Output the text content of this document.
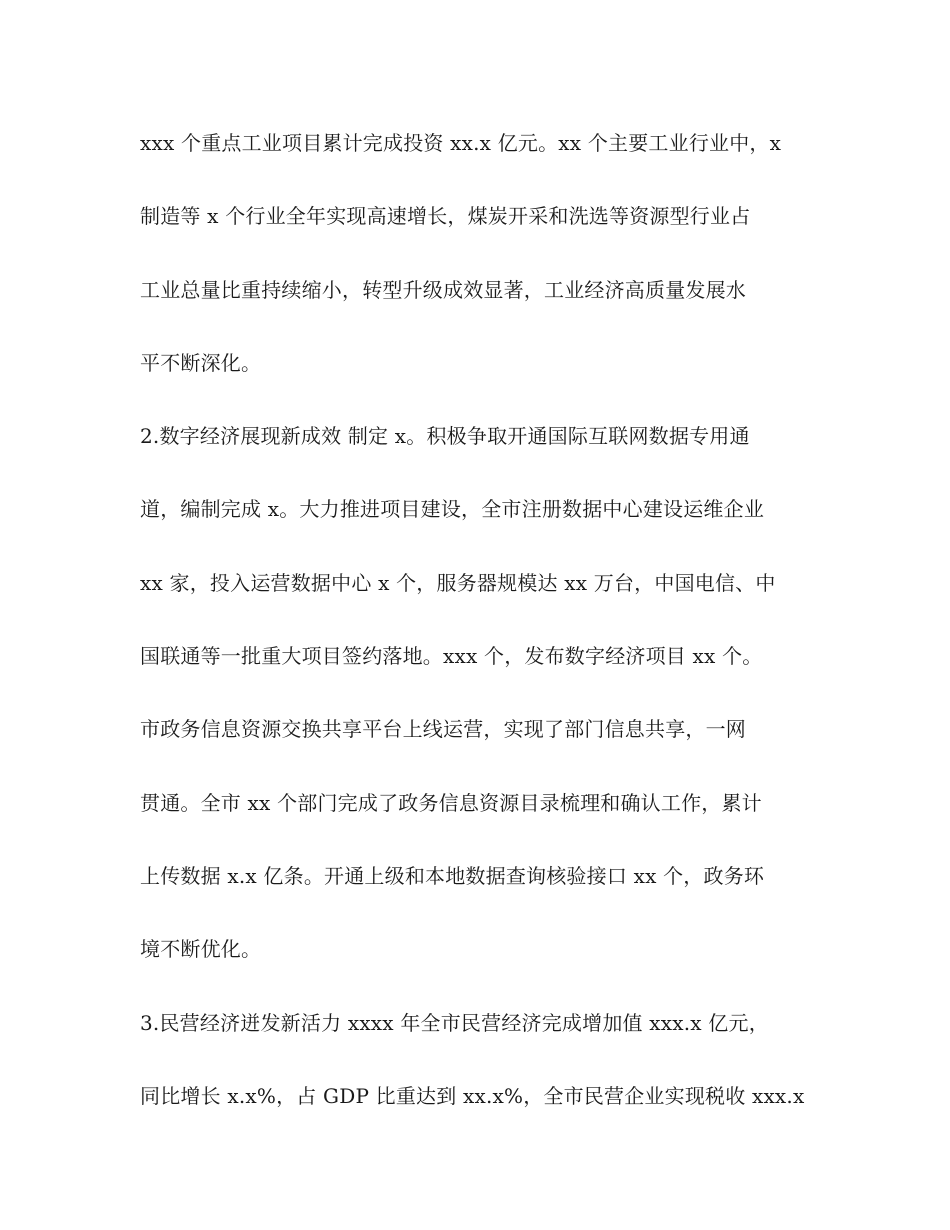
xxx 个重点工业项目累计完成投资 xx.x 亿元。xx 个主要工业行业中，x
制造等 x 个行业全年实现高速增长，煤炭开采和洗选等资源型行业占
工业总量比重持续缩小，转型升级成效显著，工业经济高质量发展水
平不断深化。
2.数字经济展现新成效 制定 x。积极争取开通国际互联网数据专用通
道，编制完成 x。大力推进项目建设，全市注册数据中心建设运维企业
xx 家，投入运营数据中心 x 个，服务器规模达 xx 万台，中国电信、中
国联通等一批重大项目签约落地。xxx 个，发布数字经济项目 xx 个。
市政务信息资源交换共享平台上线运营，实现了部门信息共享，一网
贯通。全市 xx 个部门完成了政务信息资源目录梳理和确认工作，累计
上传数据 x.x 亿条。开通上级和本地数据查询核验接口 xx 个，政务环
境不断优化。
3.民营经济迸发新活力 xxxx 年全市民营经济完成增加值 xxx.x 亿元，
同比增长 x.x%，占 GDP 比重达到 xx.x%，全市民营企业实现税收 xxx.x
